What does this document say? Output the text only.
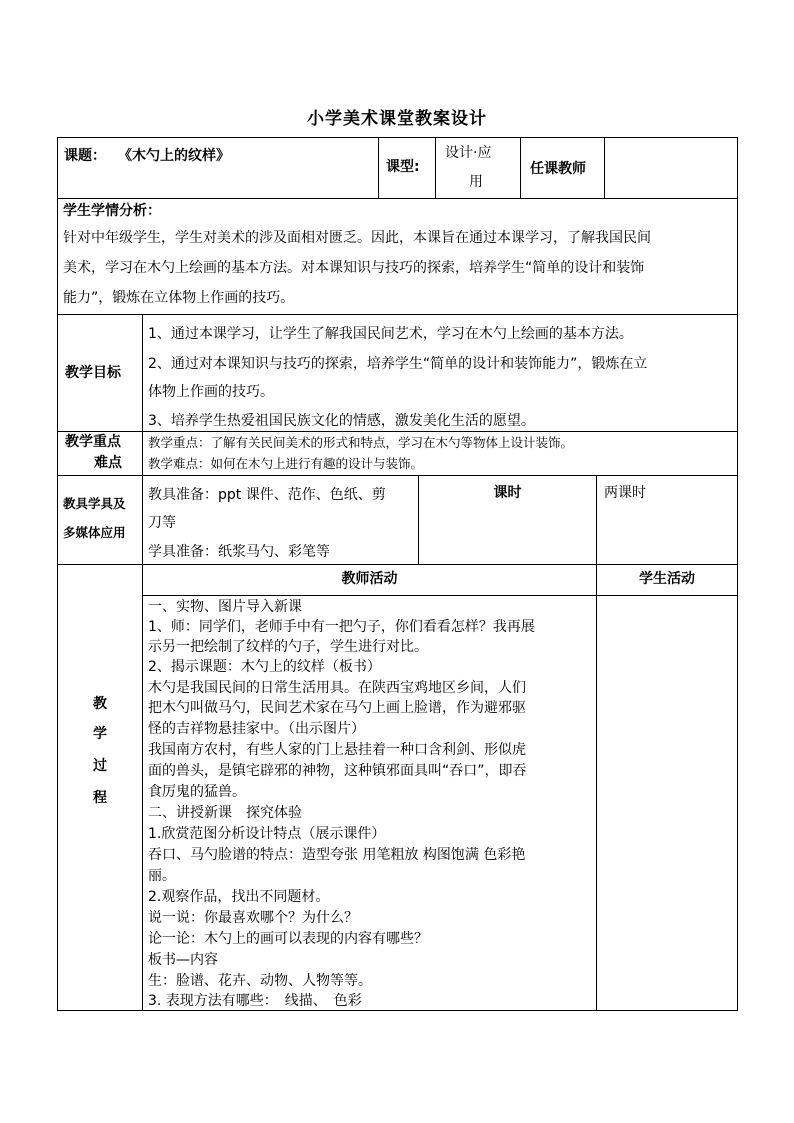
小学美术课堂教案设计
课题： 《木勺上的纹样》
课型:
设计·应
用
任课教师
学生学情分析：
针对中年级学生，学生对美术的涉及面相对匮乏。因此，本课旨在通过本课学习，了解我国民间
美术，学习在木勺上绘画的基本方法。对本课知识与技巧的探索，培养学生“简单的设计和装饰
能力”，锻炼在立体物上作画的技巧。
教学目标
1、通过本课学习，让学生了解我国民间艺术，学习在木勺上绘画的基本方法。
2、通过对本课知识与技巧的探索，培养学生“简单的设计和装饰能力”，锻炼在立
体物上作画的技巧。
3、培养学生热爱祖国民族文化的情感，激发美化生活的愿望。
教学重点
难点
教学重点：了解有关民间美术的形式和特点，学习在木勺等物体上设计装饰。
教学难点：如何在木勺上进行有趣的设计与装饰。
教具学具及
多媒体应用
教具准备：ppt 课件、范作、色纸、剪
刀等
学具准备：纸浆马勺、彩笔等
课时	两课时
教
学
过
程
教师活动	学生活动
一、实物、图片导入新课
1、师：同学们，老师手中有一把勺子，你们看看怎样？我再展
示另一把绘制了纹样的勺子，学生进行对比。
2、揭示课题：木勺上的纹样（板书）
木勺是我国民间的日常生活用具。在陕西宝鸡地区乡间，人们
把木勺叫做马勺，民间艺术家在马勺上画上脸谱，作为避邪驱
怪的吉祥物悬挂家中。（出示图片）
我国南方农村，有些人家的门上悬挂着一种口含利剑、形似虎
面的兽头，是镇宅辟邪的神物，这种镇邪面具叫“吞口”，即吞
食厉鬼的猛兽。
二、讲授新课　探究体验
1.欣赏范图分析设计特点（展示课件）
吞口、马勺脸谱的特点：造型夸张 用笔粗放 构图饱满 色彩艳
丽。
2.观察作品，找出不同题材。
说一说：你最喜欢哪个？为什么？
论一论：木勺上的画可以表现的内容有哪些？
板书—内容
生：脸谱、花卉、动物、人物等等。
3. 表现方法有哪些：　线描、　色彩
